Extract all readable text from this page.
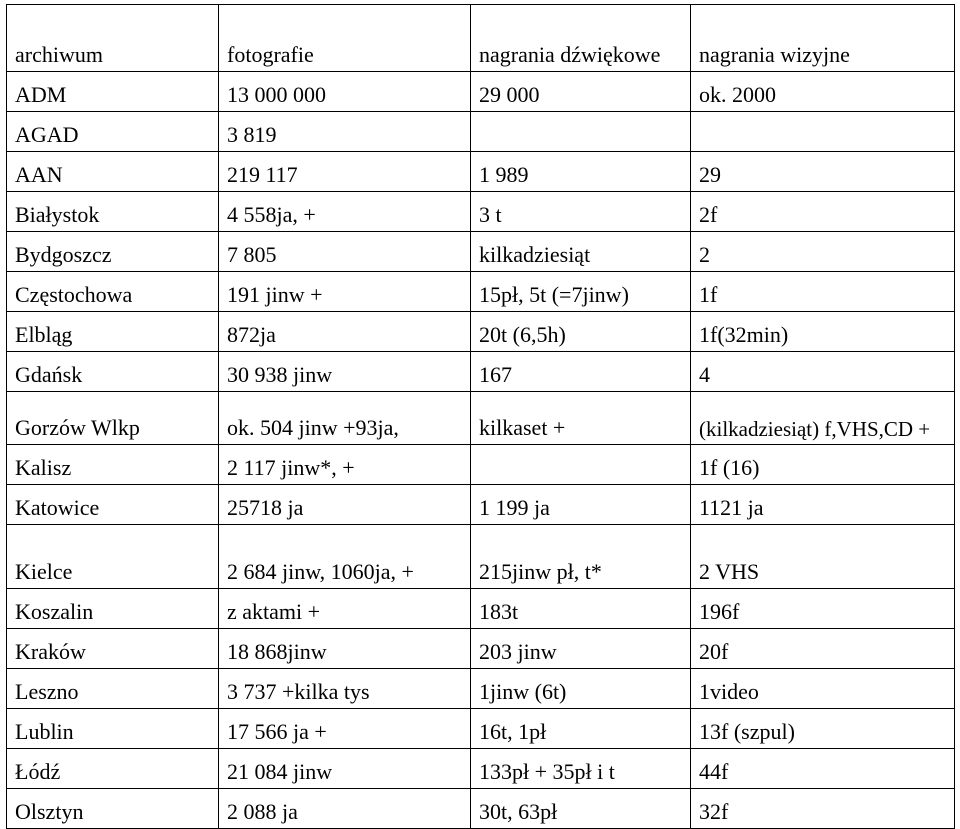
archiwum	fotografie	nagrania dźwiękowe	nagrania wizyjne
ADM	13 000 000	29 000	ok. 2000
AGAD	3 819		
AAN	219 117	1 989	29
Białystok	4 558ja, +	3 t	2f
Bydgoszcz	7 805	kilkadziesiąt	2
Częstochowa	191 jinw +	15pł, 5t (=7jinw)	1f
Elbląg	872ja	20t (6,5h)	1f(32min)
Gdańsk	30 938 jinw	167	4
Gorzów Wlkp	ok. 504 jinw +93ja,	kilkaset +	(kilkadziesiąt) f,VHS,CD +
Kalisz	2 117 jinw*, +		1f (16)
Katowice	25718 ja	1 199 ja	1121 ja
Kielce	2 684 jinw, 1060ja, +	215jinw pł, t*	2 VHS
Koszalin	z aktami +	183t	196f
Kraków	18 868jinw	203 jinw	20f
Leszno	3 737 +kilka tys	1jinw (6t)	1video
Lublin	17 566 ja +	16t, 1pł	13f (szpul)
Łódź	21 084 jinw	133pł + 35pł i t	44f
Olsztyn	2 088 ja	30t, 63pł	32f
